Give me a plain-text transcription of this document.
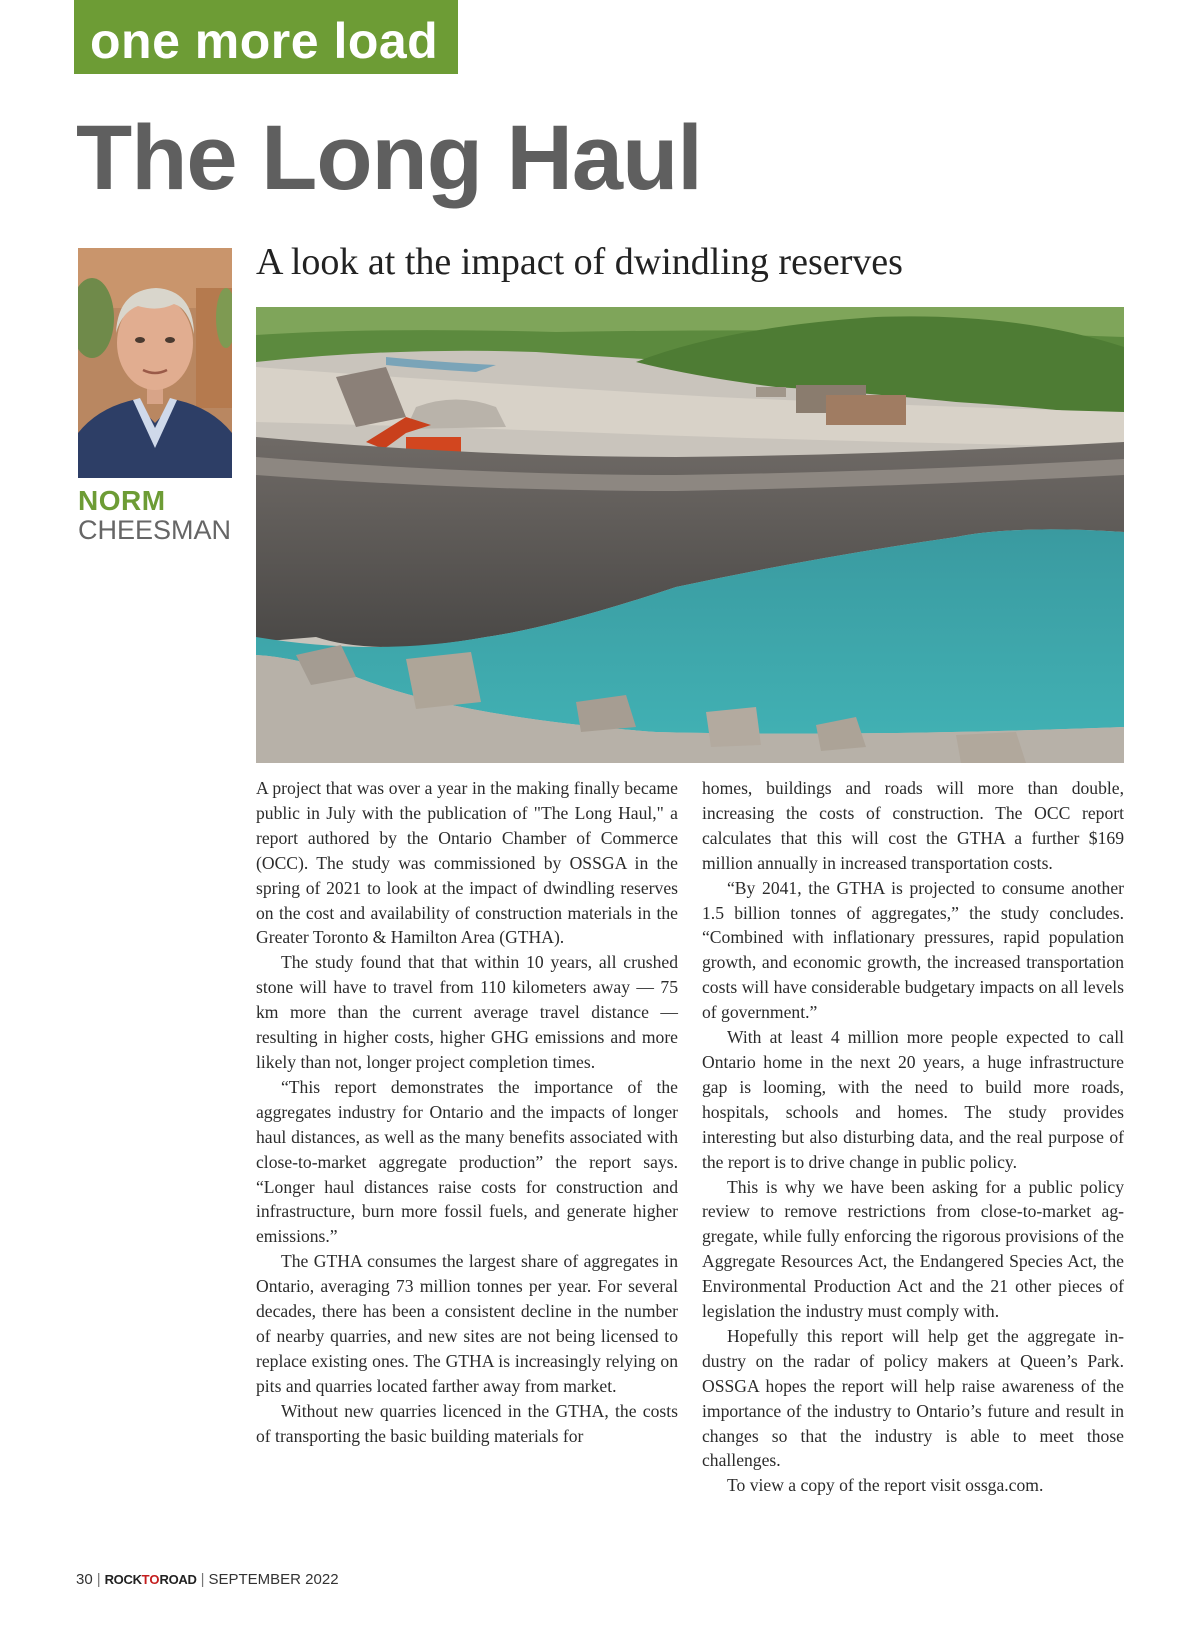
one more load
The Long Haul
NORM
CHEESMAN
A look at the impact of dwindling reserves

A project that was over a year in the making finally became public in July with the publication of "The Long Haul," a report authored by the Ontario Chamber of Commerce (OCC). The study was commissioned by OSSGA in the spring of 2021 to look at the impact of dwindling reserves on the cost and availability of construction materials in the Greater Toronto & Hamilton Area (GTHA).

The study found that that within 10 years, all crushed stone will have to travel from 110 kilometers away — 75 km more than the current average travel distance — resulting in higher costs, higher GHG emissions and more likely than not, longer project completion times.

“This report demonstrates the importance of the aggregates industry for Ontario and the impacts of longer haul distances, as well as the many benefits associated with close-to-market aggregate production” the report says. “Longer haul distances raise costs for construction and infrastructure, burn more fossil fuels, and generate higher emissions.”

The GTHA consumes the largest share of aggregates in Ontario, averaging 73 million tonnes per year. For several decades, there has been a consistent decline in the number of nearby quarries, and new sites are not being licensed to replace existing ones. The GTHA is increasingly relying on pits and quarries located farther away from market.

Without new quarries licenced in the GTHA, the costs of transporting the basic building materials for

homes, buildings and roads will more than double, increasing the costs of construction. The OCC report calculates that this will cost the GTHA a further $169 million annually in increased transportation costs.

“By 2041, the GTHA is projected to consume another 1.5 billion tonnes of aggregates,” the study concludes. “Combined with inflationary pressures, rapid population growth, and economic growth, the increased transportation costs will have considerable budgetary impacts on all levels of government.”

With at least 4 million more people expected to call Ontario home in the next 20 years, a huge infrastructure gap is looming, with the need to build more roads, hospitals, schools and homes. The study provides interesting but also disturbing data, and the real purpose of the report is to drive change in public policy.

This is why we have been asking for a public policy review to remove restrictions from close-to-market aggregate, while fully enforcing the rigorous provisions of the Aggregate Resources Act, the Endangered Species Act, the Environmental Production Act and the 21 other pieces of legislation the industry must comply with.

Hopefully this report will help get the aggregate industry on the radar of policy makers at Queen’s Park. OSSGA hopes the report will help raise awareness of the importance of the industry to Ontario’s future and result in changes so that the industry is able to meet those challenges.

To view a copy of the report visit ossga.com.

30 | ROCKTOROAD | SEPTEMBER 2022
